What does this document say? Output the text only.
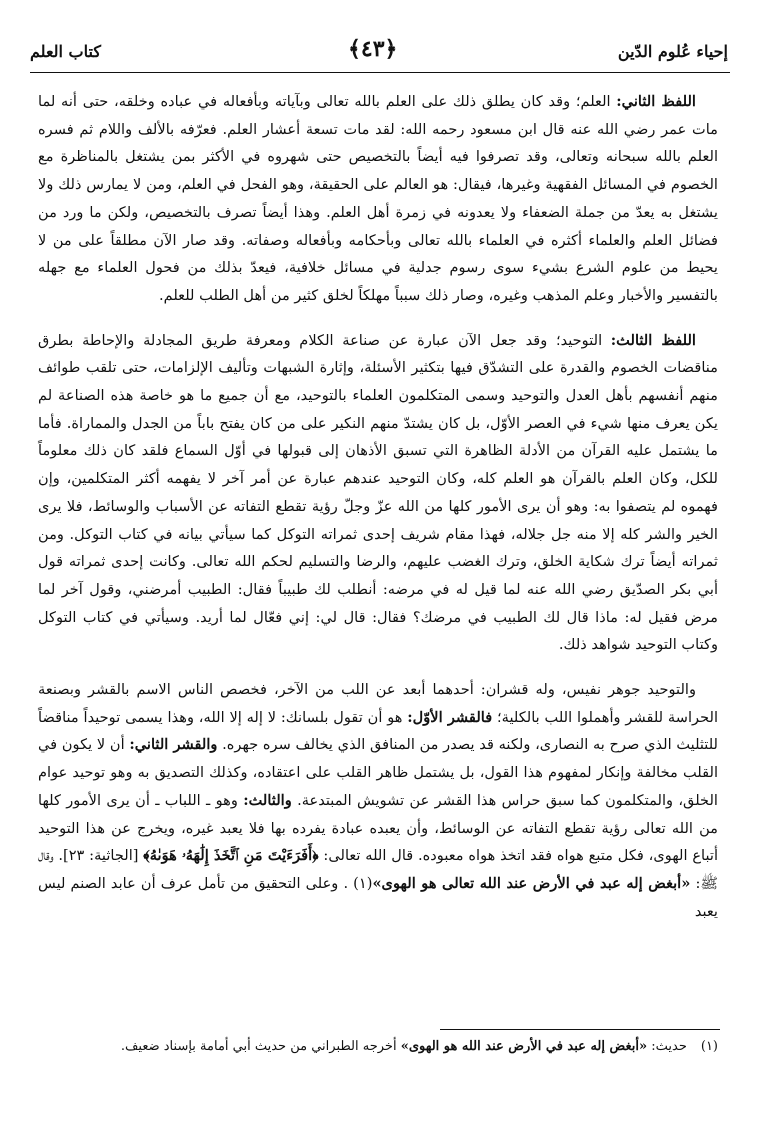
إحياء عُلوم الدّين
﴿٤٣﴾
كتاب العلم

اللفظ الثاني: العلم؛ وقد كان يطلق ذلك على العلم بالله تعالى وبآياته وبأفعاله في عباده وخلقه، حتى أنه لما مات عمر رضي الله عنه قال ابن مسعود رحمه الله: لقد مات تسعة أعشار العلم. فعرّفه بالألف واللام ثم فسره العلم بالله سبحانه وتعالى، وقد تصرفوا فيه أيضاً بالتخصيص حتى شهروه في الأكثر بمن يشتغل بالمناظرة مع الخصوم في المسائل الفقهية وغيرها، فيقال: هو العالم على الحقيقة، وهو الفحل في العلم، ومن لا يمارس ذلك ولا يشتغل به يعدّ من جملة الضعفاء ولا يعدونه في زمرة أهل العلم. وهذا أيضاً تصرف بالتخصيص، ولكن ما ورد من فضائل العلم والعلماء أكثره في العلماء بالله تعالى وبأحكامه وبأفعاله وصفاته. وقد صار الآن مطلقاً على من لا يحيط من علوم الشرع بشيء سوى رسوم جدلية في مسائل خلافية، فيعدّ بذلك من فحول العلماء مع جهله بالتفسير والأخبار وعلم المذهب وغيره، وصار ذلك سبباً مهلكاً لخلق كثير من أهل الطلب للعلم.

اللفظ الثالث: التوحيد؛ وقد جعل الآن عبارة عن صناعة الكلام ومعرفة طريق المجادلة والإحاطة بطرق مناقضات الخصوم والقدرة على التشدّق فيها بتكثير الأسئلة، وإثارة الشبهات وتأليف الإلزامات، حتى تلقب طوائف منهم أنفسهم بأهل العدل والتوحيد وسمى المتكلمون العلماء بالتوحيد، مع أن جميع ما هو خاصة هذه الصناعة لم يكن يعرف منها شيء في العصر الأوّل، بل كان يشتدّ منهم النكير على من كان يفتح باباً من الجدل والمماراة. فأما ما يشتمل عليه القرآن من الأدلة الظاهرة التي تسبق الأذهان إلى قبولها في أوّل السماع فلقد كان ذلك معلوماً للكل، وكان العلم بالقرآن هو العلم كله، وكان التوحيد عندهم عبارة عن أمر آخر لا يفهمه أكثر المتكلمين، وإن فهموه لم يتصفوا به: وهو أن يرى الأمور كلها من الله عزّ وجلّ رؤية تقطع التفاته عن الأسباب والوسائط، فلا يرى الخير والشر كله إلا منه جل جلاله، فهذا مقام شريف إحدى ثمراته التوكل كما سيأتي بيانه في كتاب التوكل. ومن ثمراته أيضاً ترك شكاية الخلق، وترك الغضب عليهم، والرضا والتسليم لحكم الله تعالى. وكانت إحدى ثمراته قول أبي بكر الصدّيق رضي الله عنه لما قيل له في مرضه: أنطلب لك طبيباً فقال: الطبيب أمرضني، وقول آخر لما مرض فقيل له: ماذا قال لك الطبيب في مرضك؟ فقال: قال لي: إني فعّال لما أريد. وسيأتي في كتاب التوكل وكتاب التوحيد شواهد ذلك.

والتوحيد جوهر نفيس، وله قشران: أحدهما أبعد عن اللب من الآخر، فخصص الناس الاسم بالقشر وبصنعة الحراسة للقشر وأهملوا اللب بالكلية؛ فالقشر الأوّل: هو أن تقول بلسانك: لا إله إلا الله، وهذا يسمى توحيداً مناقضاً للتثليث الذي صرح به النصارى، ولكنه قد يصدر من المنافق الذي يخالف سره جهره. والقشر الثاني: أن لا يكون في القلب مخالفة وإنكار لمفهوم هذا القول، بل يشتمل ظاهر القلب على اعتقاده، وكذلك التصديق به وهو توحيد عوام الخلق، والمتكلمون كما سبق حراس هذا القشر عن تشويش المبتدعة. والثالث: وهو ـ اللباب ـ أن يرى الأمور كلها من الله تعالى رؤية تقطع التفاته عن الوسائط، وأن يعبده عبادة يفرده بها فلا يعبد غيره، ويخرج عن هذا التوحيد أتباع الهوى، فكل متبع هواه فقد اتخذ هواه معبوده. قال الله تعالى: ﴿أَفَرَءَيْتَ مَنِ ٱتَّخَذَ إِلَٰهَهُۥ هَوَىٰهُ﴾ [الجاثية: ٢٣]. وقال ﷺ: «أبغض إله عبد في الأرض عند الله تعالى هو الهوى»(١) . وعلى التحقيق من تأمل عرف أن عابد الصنم ليس يعبد

(١)حديث: «أبغض إله عبد في الأرض عند الله هو الهوى» أخرجه الطبراني من حديث أبي أمامة بإسناد ضعيف.
